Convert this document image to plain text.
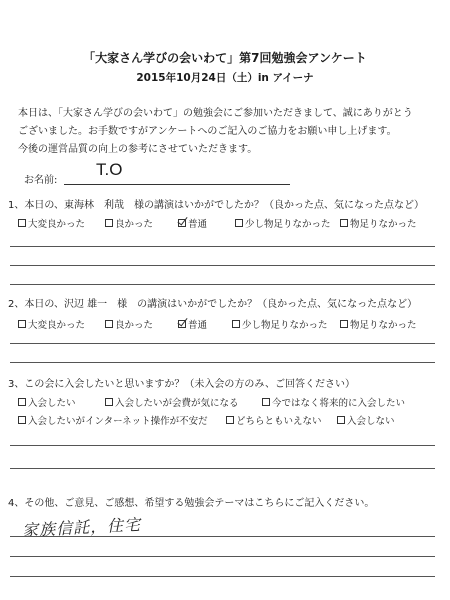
「大家さん学びの会いわて」第7回勉強会アンケート
2015年10月24日（土）in アイーナ
本日は、「大家さん学びの会いわて」の勉強会にご参加いただきまして、誠にありがとう
ございました。お手数ですがアンケートへのご記入のご協力をお願い申し上げます。
今後の運営品質の向上の参考にさせていただきます。
お名前:
T.O
1、本日の、東海林　利哉　様の講演はいかがでしたか？（良かった点、気になった点など）
大変良かった	良かった	普通	少し物足りなかった 物足りなかった
2、本日の、沢辺 雄一　様　の講演はいかがでしたか？（良かった点、気になった点など）
大変良かった	良かった	普通	少し物足りなかった 物足りなかった
3、この会に入会したいと思いますか？（未入会の方のみ、ご回答ください）
入会したい	入会したいが会費が気になる	今ではなく将来的に入会したい
入会したいがインターネット操作が不安だ	どちらともいえない	入会しない
4、その他、ご意見、ご感想、希望する勉強会テーマはこちらにご記入ください。
家族信託，住宅
